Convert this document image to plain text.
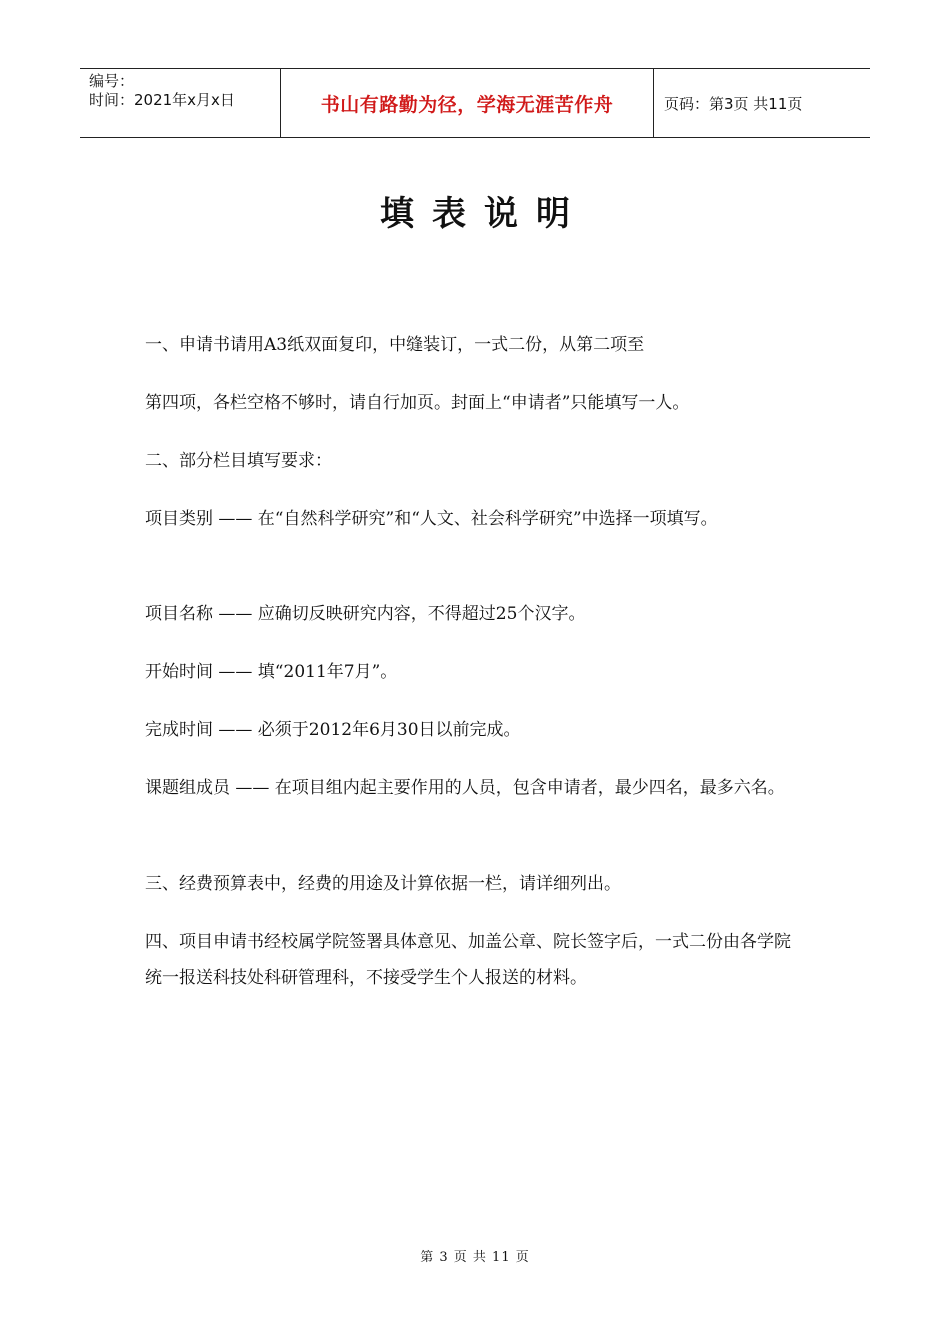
编号：
时间：2021年x月x日	书山有路勤为径，学海无涯苦作舟	页码：第3页 共11页
填表说明
一、申请书请用A3纸双面复印，中缝装订，一式二份，从第二项至
第四项，各栏空格不够时，请自行加页。封面上“申请者”只能填写一人。
二、部分栏目填写要求：
项目类别 —— 在“自然科学研究”和“人文、社会科学研究”中选择一项填写。
项目名称 —— 应确切反映研究内容，不得超过25个汉字。
开始时间 —— 填“2011年7月”。
完成时间 —— 必须于2012年6月30日以前完成。
课题组成员 —— 在项目组内起主要作用的人员，包含申请者，最少四名，最多六名。
三、经费预算表中，经费的用途及计算依据一栏，请详细列出。
四、项目申请书经校属学院签署具体意见、加盖公章、院长签字后，一式二份由各学院统一报送科技处科研管理科，不接受学生个人报送的材料。
第 3 页 共 11 页
